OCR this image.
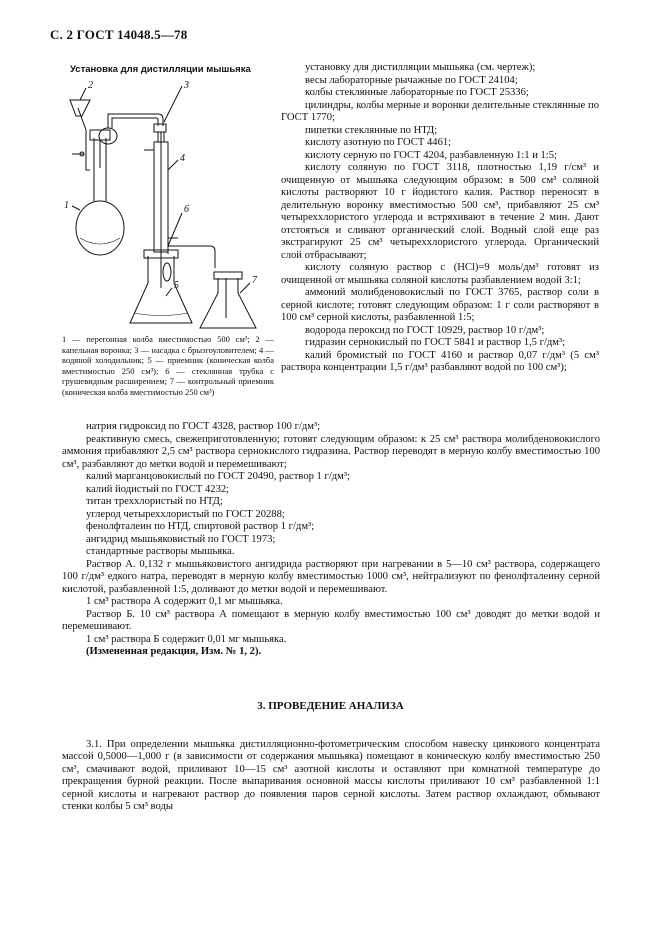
С. 2 ГОСТ 14048.5—78
Установка для дистилляции мышьяка
1
2	3
4
5
6
7
1 — перегонная колба вместимостью 500 см³; 2 — капельная воронка; 3 — насадка с брызгоуловителем; 4 — водяной холодильник; 5 — приемник (коническая колба вместимостью 250 см³); 6 — стеклянная трубка с грушевидным расширением; 7 — контрольный приемник (коническая колба вместимостью 250 см³)

установку для дистилляции мышьяка (см. чертеж);

весы лабораторные рычажные по ГОСТ 24104;

колбы стеклянные лабораторные по ГОСТ 25336;

цилиндры, колбы мерные и воронки делительные стеклянные по ГОСТ 1770;

пипетки стеклянные по НТД;

кислоту азотную по ГОСТ 4461;

кислоту серную по ГОСТ 4204, разбавленную 1:1 и 1:5;

кислоту соляную по ГОСТ 3118, плотностью 1,19 г/см³ и очищенную от мышьяка следующим образом: в 500 см³ соляной кислоты растворяют 10 г йодистого калия. Раствор переносят в делительную воронку вместимостью 500 см³, прибавляют 25 см³ четыреххлористого углерода и встряхивают в течение 2 мин. Дают отстояться и сливают органический слой. Водный слой еще раз экстрагируют 25 см³ четыреххлористого углерода. Органический слой отбрасывают;

кислоту соляную раствор c (HCl)=9 моль/дм³ готовят из очищенной от мышьяка соляной кислоты разбавлением водой 3:1;

аммоний молибденовокислый по ГОСТ 3765, раствор соли в серной кислоте; готовят следующим образом: 1 г соли растворяют в 100 см³ серной кислоты, разбавленной 1:5;

водорода пероксид по ГОСТ 10929, раствор 10 г/дм³;

гидразин сернокислый по ГОСТ 5841 и раствор 1,5 г/дм³;

калий бромистый по ГОСТ 4160 и раствор 0,07 г/дм³ (5 см³ раствора концентрации 1,5 г/дм³ разбавляют водой по 100 см³);

натрия гидроксид по ГОСТ 4328, раствор 100 г/дм³;

реактивную смесь, свежеприготовленную; готовят следующим образом: к 25 см³ раствора молибденовокислого аммония прибавляют 2,5 см³ раствора сернокислого гидразина. Раствор переводят в мерную колбу вместимостью 100 см³, разбавляют до метки водой и перемешивают;

калий марганцовокислый по ГОСТ 20490, раствор 1 г/дм³;

калий йодистый по ГОСТ 4232;

титан треххлористый по НТД;

углерод четыреххлористый по ГОСТ 20288;

фенолфталеин по НТД, спиртовой раствор 1 г/дм³;

ангидрид мышьяковистый по ГОСТ 1973;

стандартные растворы мышьяка.

Раствор А. 0,132 г мышьяковистого ангидрида растворяют при нагревании в 5—10 см³ раствора, содержащего 100 г/дм³ едкого натра, переводят в мерную колбу вместимостью 1000 см³, нейтрализуют по фенолфталеину серной кислотой, разбавленной 1:5, доливают до метки водой и перемешивают.

1 см³ раствора А содержит 0,1 мг мышьяка.

Раствор Б. 10 см³ раствора А помещают в мерную колбу вместимостью 100 см³ доводят до метки водой и перемешивают.

1 см³ раствора Б содержит 0,01 мг мышьяка.

(Измененная редакция, Изм. № 1, 2).

3. ПРОВЕДЕНИЕ АНАЛИЗА

3.1. При определении мышьяка дистилляционно-фотометрическим способом навеску цинкового концентрата массой 0,5000—1,000 г (в зависимости от содержания мышьяка) помещают в коническую колбу вместимостью 250 см³, смачивают водой, приливают 10—15 см³ азотной кислоты и оставляют при комнатной температуре до прекращения бурной реакции. После выпаривания основной массы кислоты приливают 10 см³ разбавленной 1:1 серной кислоты и нагревают раствор до появления паров серной кислоты. Затем раствор охлаждают, обмывают стенки колбы 5 см³ воды
